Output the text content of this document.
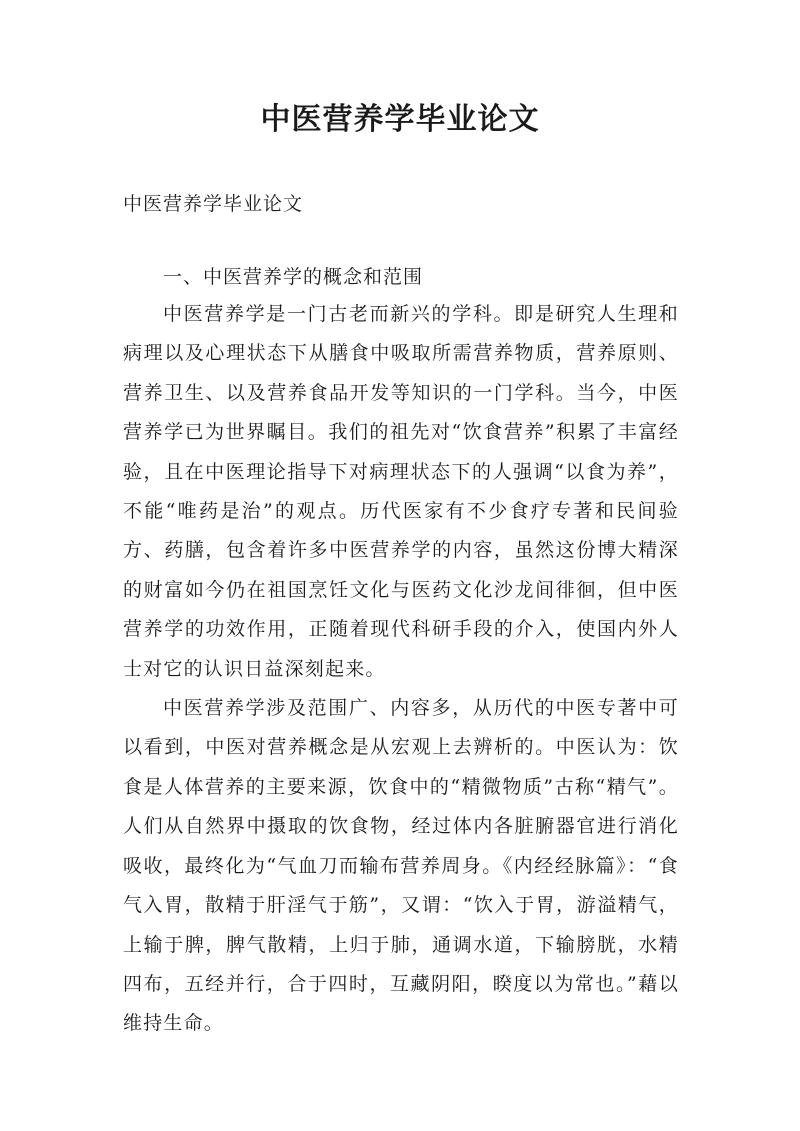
中医营养学毕业论文

中医营养学毕业论文

一、中医营养学的概念和范围

中医营养学是一门古老而新兴的学科。即是研究人生理和病理以及心理状态下从膳食中吸取所需营养物质，营养原则、营养卫生、以及营养食品开发等知识的一门学科。当今，中医营养学已为世界瞩目。我们的祖先对“饮食营养”积累了丰富经验，且在中医理论指导下对病理状态下的人强调“以食为养”，不能“唯药是治”的观点。历代医家有不少食疗专著和民间验方、药膳，包含着许多中医营养学的内容，虽然这份博大精深的财富如今仍在祖国烹饪文化与医药文化沙龙间徘徊，但中医营养学的功效作用，正随着现代科研手段的介入，使国内外人士对它的认识日益深刻起来。

中医营养学涉及范围广、内容多，从历代的中医专著中可以看到，中医对营养概念是从宏观上去辨析的。中医认为：饮食是人体营养的主要来源，饮食中的“精微物质”古称“精气”。人们从自然界中摄取的饮食物，经过体内各脏腑器官进行消化吸收，最终化为“气血刀而输布营养周身。《内经经脉篇》：“食气入胃，散精于肝淫气于筋”，又谓：“饮入于胃，游溢精气，上输于脾，脾气散精，上归于肺，通调水道，下输膀胱，水精四布，五经并行，合于四时，互藏阴阳，睽度以为常也。”藉以维持生命。
